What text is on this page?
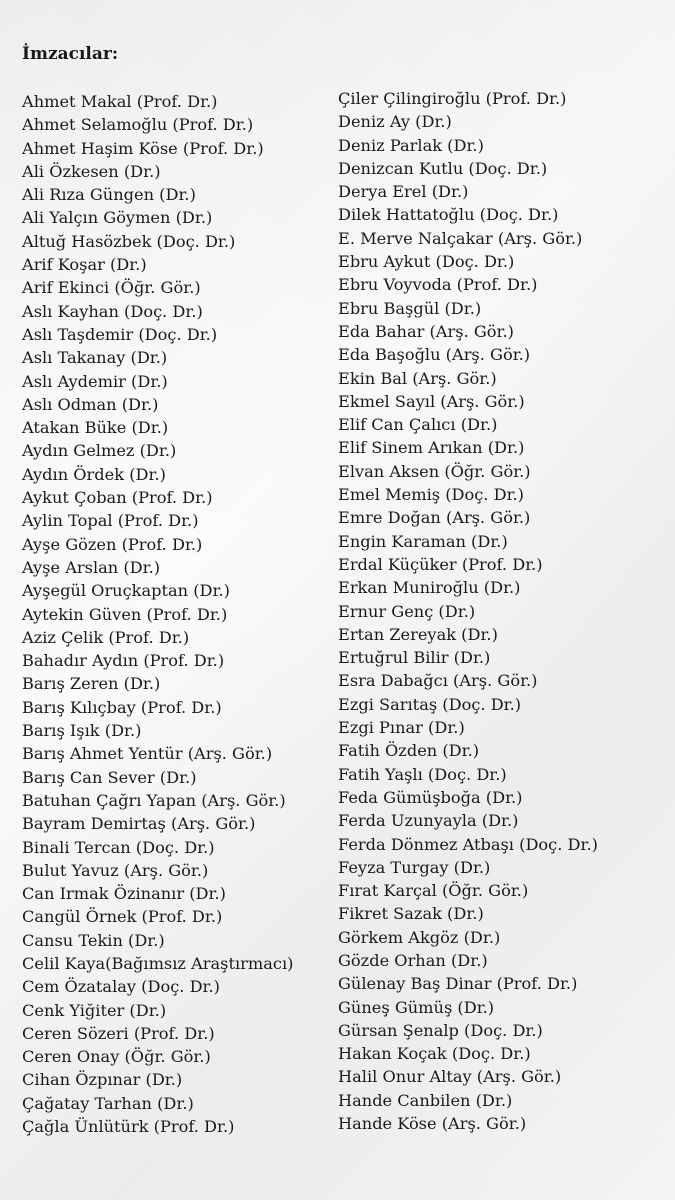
İmzacılar:
Ahmet Makal (Prof. Dr.)
Ahmet Selamoğlu (Prof. Dr.)
Ahmet Haşim Köse (Prof. Dr.)
Ali Özkesen (Dr.)
Ali Rıza Güngen (Dr.)
Ali Yalçın Göymen (Dr.)
Altuğ Hasözbek (Doç. Dr.)
Arif Koşar (Dr.)
Arif Ekinci (Öğr. Gör.)
Aslı Kayhan (Doç. Dr.)
Aslı Taşdemir (Doç. Dr.)
Aslı Takanay (Dr.)
Aslı Aydemir (Dr.)
Aslı Odman (Dr.)
Atakan Büke (Dr.)
Aydın Gelmez (Dr.)
Aydın Ördek (Dr.)
Aykut Çoban (Prof. Dr.)
Aylin Topal (Prof. Dr.)
Ayşe Gözen (Prof. Dr.)
Ayşe Arslan (Dr.)
Ayşegül Oruçkaptan (Dr.)
Aytekin Güven (Prof. Dr.)
Aziz Çelik (Prof. Dr.)
Bahadır Aydın (Prof. Dr.)
Barış Zeren (Dr.)
Barış Kılıçbay (Prof. Dr.)
Barış Işık (Dr.)
Barış Ahmet Yentür (Arş. Gör.)
Barış Can Sever (Dr.)
Batuhan Çağrı Yapan (Arş. Gör.)
Bayram Demirtaş (Arş. Gör.)
Binali Tercan (Doç. Dr.)
Bulut Yavuz (Arş. Gör.)
Can Irmak Özinanır (Dr.)
Cangül Örnek (Prof. Dr.)
Cansu Tekin (Dr.)
Celil Kaya(Bağımsız Araştırmacı)
Cem Özatalay (Doç. Dr.)
Cenk Yiğiter (Dr.)
Ceren Sözeri (Prof. Dr.)
Ceren Onay (Öğr. Gör.)
Cihan Özpınar (Dr.)
Çağatay Tarhan (Dr.)
Çağla Ünlütürk (Prof. Dr.)
Çiler Çilingiroğlu (Prof. Dr.)
Deniz Ay (Dr.)
Deniz Parlak (Dr.)
Denizcan Kutlu (Doç. Dr.)
Derya Erel (Dr.)
Dilek Hattatoğlu (Doç. Dr.)
E. Merve Nalçakar (Arş. Gör.)
Ebru Aykut (Doç. Dr.)
Ebru Voyvoda (Prof. Dr.)
Ebru Başgül (Dr.)
Eda Bahar (Arş. Gör.)
Eda Başoğlu (Arş. Gör.)
Ekin Bal (Arş. Gör.)
Ekmel Sayıl (Arş. Gör.)
Elif Can Çalıcı (Dr.)
Elif Sinem Arıkan (Dr.)
Elvan Aksen (Öğr. Gör.)
Emel Memiş (Doç. Dr.)
Emre Doğan (Arş. Gör.)
Engin Karaman (Dr.)
Erdal Küçüker (Prof. Dr.)
Erkan Muniroğlu (Dr.)
Ernur Genç (Dr.)
Ertan Zereyak (Dr.)
Ertuğrul Bilir (Dr.)
Esra Dabağcı (Arş. Gör.)
Ezgi Sarıtaş (Doç. Dr.)
Ezgi Pınar (Dr.)
Fatih Özden (Dr.)
Fatih Yaşlı (Doç. Dr.)
Feda Gümüşboğa (Dr.)
Ferda Uzunyayla (Dr.)
Ferda Dönmez Atbaşı (Doç. Dr.)
Feyza Turgay (Dr.)
Fırat Karçal (Öğr. Gör.)
Fikret Sazak (Dr.)
Görkem Akgöz (Dr.)
Gözde Orhan (Dr.)
Gülenay Baş Dinar (Prof. Dr.)
Güneş Gümüş (Dr.)
Gürsan Şenalp (Doç. Dr.)
Hakan Koçak (Doç. Dr.)
Halil Onur Altay (Arş. Gör.)
Hande Canbilen (Dr.)
Hande Köse (Arş. Gör.)
